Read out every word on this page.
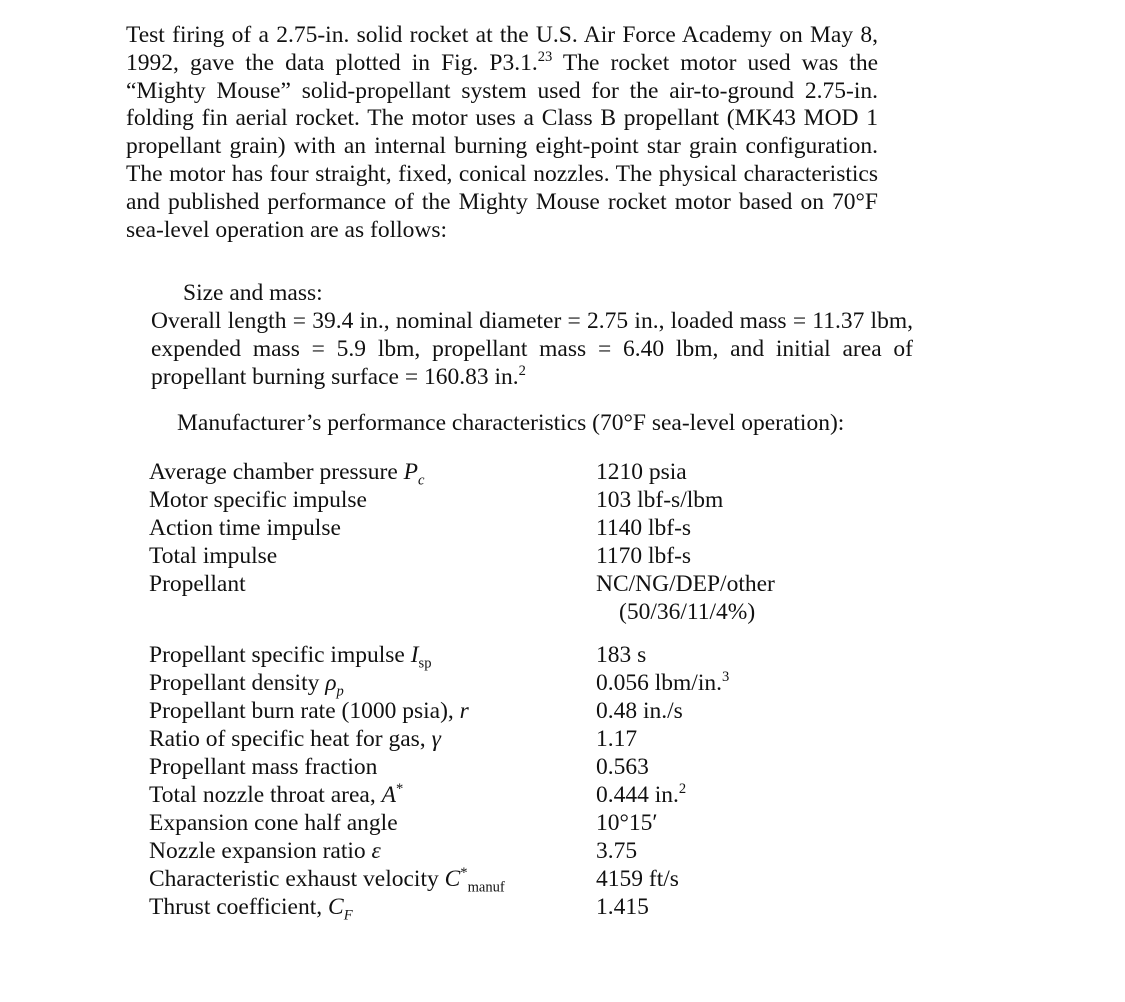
Test firing of a 2.75-in. solid rocket at the U.S. Air Force Academy on May 8, 1992, gave the data plotted in Fig. P3.1.23 The rocket motor used was the “Mighty Mouse” solid-propellant system used for the air-to-ground 2.75-in. folding fin aerial rocket. The motor uses a Class B propellant (MK43 MOD 1 propellant grain) with an internal burning eight-point star grain configuration. The motor has four straight, fixed, conical nozzles. The physical characteristics and published performance of the Mighty Mouse rocket motor based on 70°F sea-level operation are as follows:

Size and mass:

Overall length = 39.4 in., nominal diameter = 2.75 in., loaded mass = 11.37 lbm, expended mass = 5.9 lbm, propellant mass = 6.40 lbm, and initial area of propellant burning surface = 160.83 in.$^2$

Manufacturer’s performance characteristics (70°F sea-level operation):
Average chamber pressure $P_c$	1210 psia
Motor specific impulse	103 lbf-s/lbm
Action time impulse	1140 lbf-s
Total impulse	1170 lbf-s
Propellant	NC/NG/DEP/other
(50/36/11/4%)
Propellant specific impulse $I_{sp}$	183 s
Propellant density $\rho_p$	0.056 lbm/in.$^3$
Propellant burn rate (1000 psia), r	0.48 in./s
Ratio of specific heat for gas, γ	1.17
Propellant mass fraction	0.563
Total nozzle throat area, A*	0.444 in.$^2$
Expansion cone half angle	10°15′
Nozzle expansion ratio ε	3.75
Characteristic exhaust velocity $C^*_{manuf}$	4159 ft/s
Thrust coefficient, $C_F$	1.415
